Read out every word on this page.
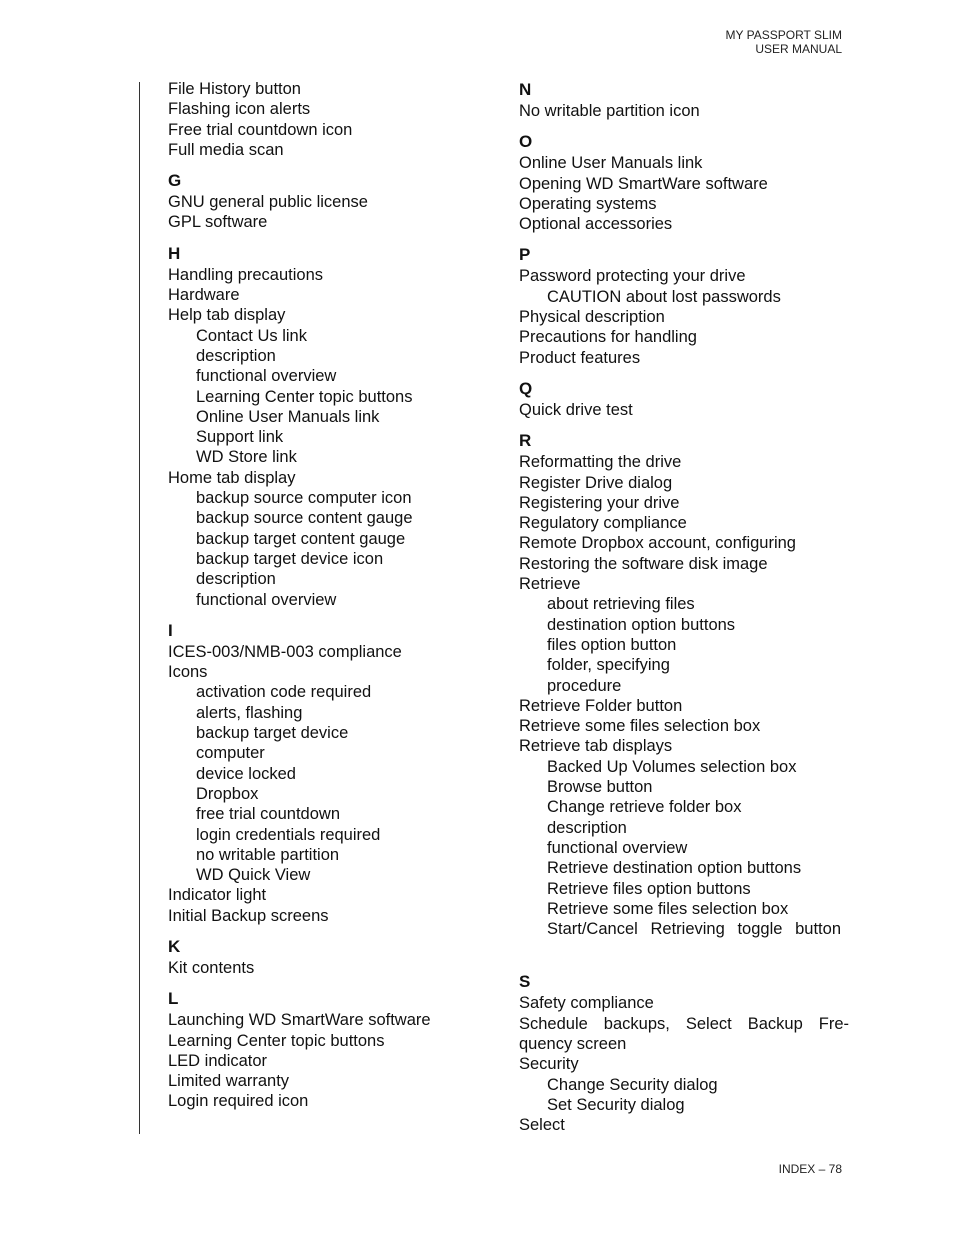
MY PASSPORT SLIM
USER MANUAL
File History button
Flashing icon alerts
Free trial countdown icon
Full media scan
G
GNU general public license
GPL software
H
Handling precautions
Hardware
Help tab display
Contact Us link
description
functional overview
Learning Center topic buttons
Online User Manuals link
Support link
WD Store link
Home tab display
backup source computer icon
backup source content gauge
backup target content gauge
backup target device icon
description
functional overview
I
ICES-003/NMB-003 compliance
Icons
activation code required
alerts, flashing
backup target device
computer
device locked
Dropbox
free trial countdown
login credentials required
no writable partition
WD Quick View
Indicator light
Initial Backup screens
K
Kit contents
L
Launching WD SmartWare software
Learning Center topic buttons
LED indicator
Limited warranty
Login required icon
N
No writable partition icon
O
Online User Manuals link
Opening WD SmartWare software
Operating systems
Optional accessories
P
Password protecting your drive
CAUTION about lost passwords
Physical description
Precautions for handling
Product features
Q
Quick drive test
R
Reformatting the drive
Register Drive dialog
Registering your drive
Regulatory compliance
Remote Dropbox account, configuring
Restoring the software disk image
Retrieve
about retrieving files
destination option buttons
files option button
folder, specifying
procedure
Retrieve Folder button
Retrieve some files selection box
Retrieve tab displays
Backed Up Volumes selection box
Browse button
Change retrieve folder box
description
functional overview
Retrieve destination option buttons
Retrieve files option buttons
Retrieve some files selection box
Start/Cancel Retrieving toggle button
S
Safety compliance
Schedule backups, Select Backup Fre-quency screen
Security
Change Security dialog
Set Security dialog
Select
INDEX – 78
